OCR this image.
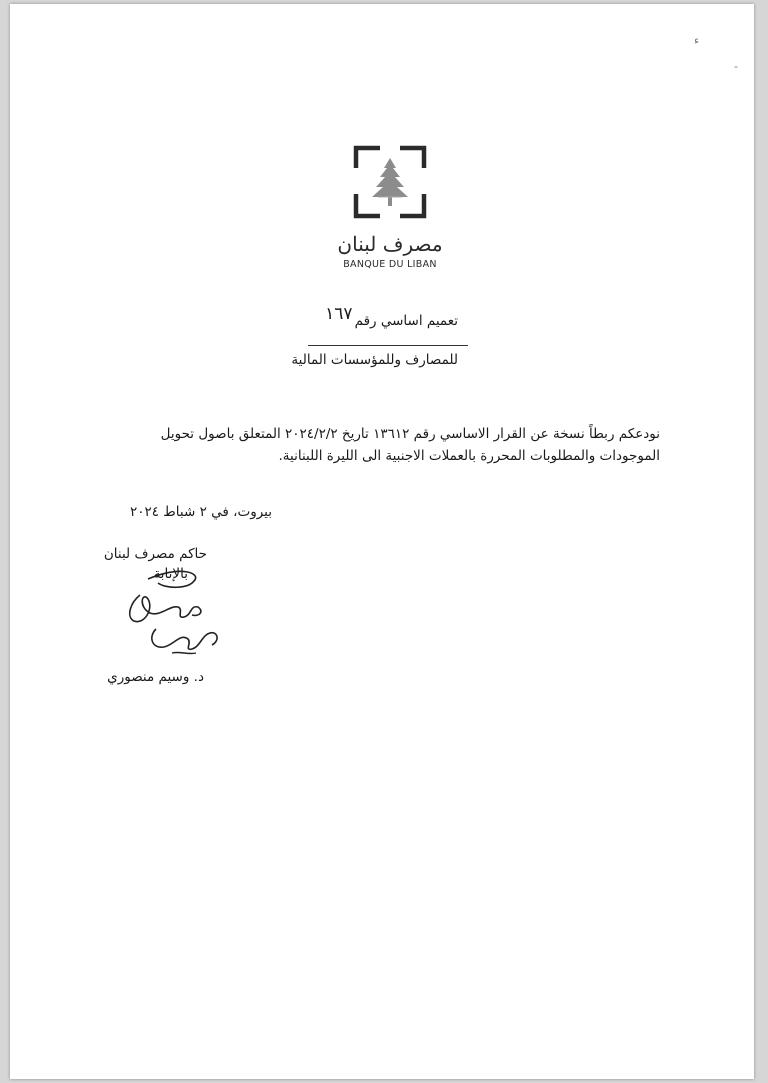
ء
-
مصرف لبنان
BANQUE DU LIBAN
تعميم اساسي رقم١٦٧
للمصارف وللمؤسسات المالية
نودعكم ربطاً نسخة عن القرار الاساسي رقم ١٣٦١٢ تاريخ ٢٠٢٤/٢/٢ المتعلق باصول تحويل
الموجودات والمطلوبات المحررة بالعملات الاجنبية الى الليرة اللبنانية.
بيروت، في ٢ شباط ٢٠٢٤
حاكم مصرف لبنان
بالإنابة
د. وسيم منصوري
